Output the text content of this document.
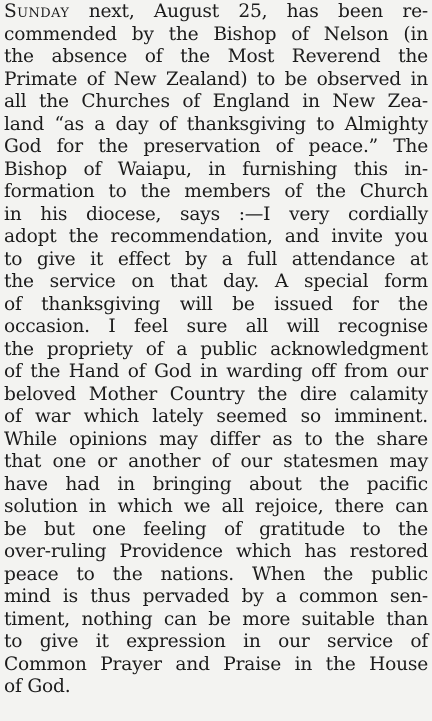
Sunday next, August 25, has been re-
commended by the Bishop of Nelson (in
the absence of the Most Reverend the
Primate of New Zealand) to be observed in
all the Churches of England in New Zea-
land “as a day of thanksgiving to Almighty
God for the preservation of peace.” The
Bishop of Waiapu, in furnishing this in-
formation to the members of the Church
in his diocese, says :—I very cordially
adopt the recommendation, and invite you
to give it effect by a full attendance at
the service on that day. A special form
of thanksgiving will be issued for the
occasion. I feel sure all will recognise
the propriety of a public acknowledgment
of the Hand of God in warding off from our
beloved Mother Country the dire calamity
of war which lately seemed so imminent.
While opinions may differ as to the share
that one or another of our statesmen may
have had in bringing about the pacific
solution in which we all rejoice, there can
be but one feeling of gratitude to the
over-ruling Providence which has restored
peace to the nations. When the public
mind is thus pervaded by a common sen-
timent, nothing can be more suitable than
to give it expression in our service of
Common Prayer and Praise in the House
of God.
